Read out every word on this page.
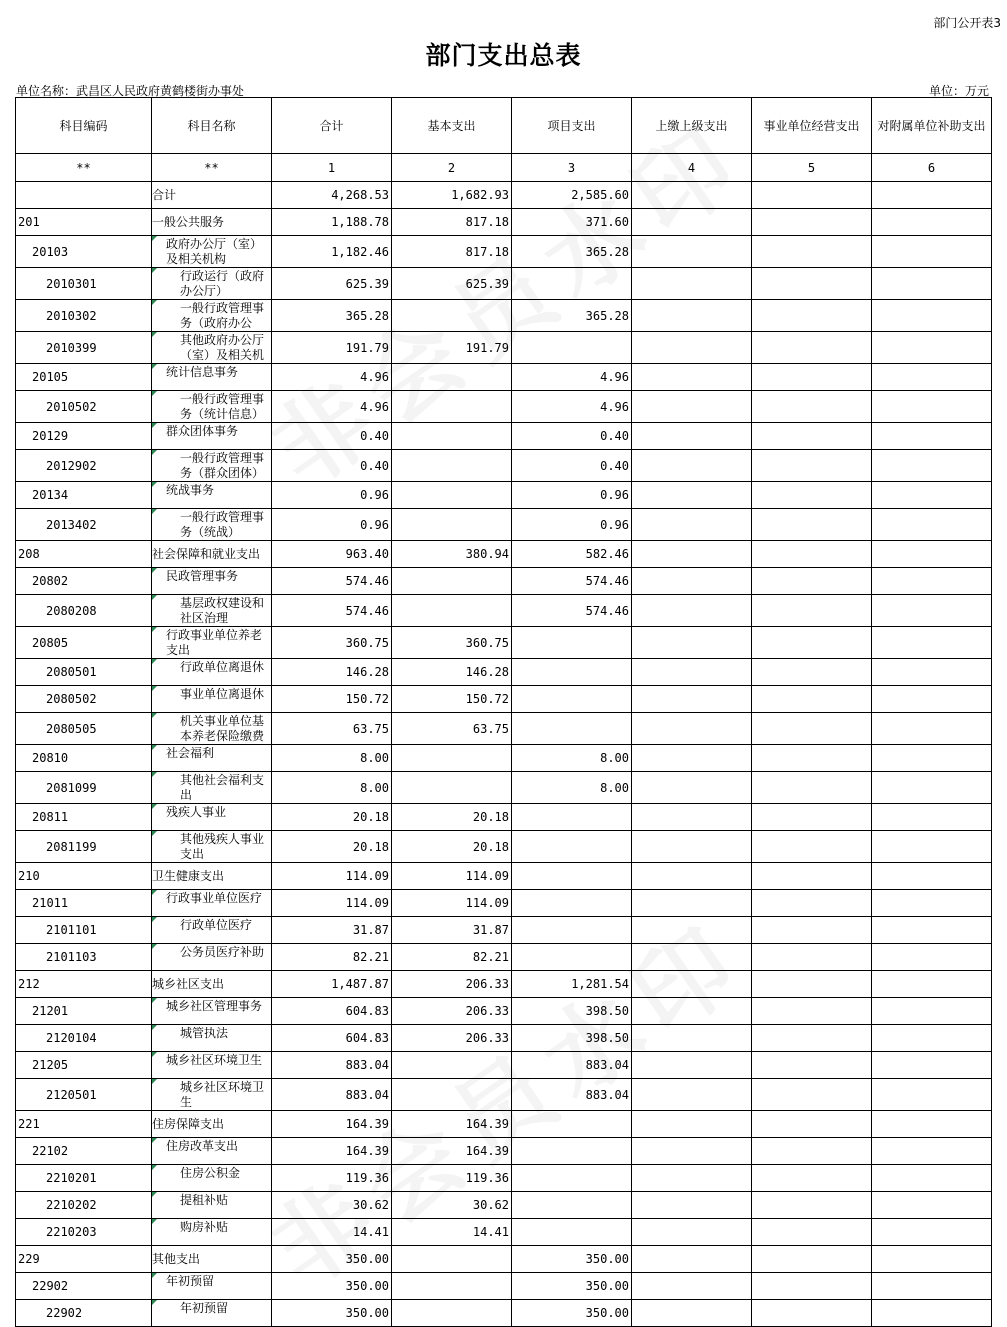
部门公开表3
部门支出总表
单位名称：武昌区人民政府黄鹤楼街办事处	单位：万元
科目编码	科目名称	合计	基本支出	项目支出	上缴上级支出	事业单位经营支出	对附属单位补助支出
**	**	1	2	3	4	5	6
	合计	4,268.53	1,682.93	2,585.60			
201	一般公共服务	1,188.78	817.18	371.60			
20103	政府办公厅（室）及相关机构	1,182.46	817.18	365.28			
2010301	行政运行（政府办公厅）	625.39	625.39				
2010302	一般行政管理事务（政府办公	365.28		365.28			
2010399	其他政府办公厅（室）及相关机	191.79	191.79				
20105	统计信息事务	4.96		4.96			
2010502	一般行政管理事务（统计信息）	4.96		4.96			
20129	群众团体事务	0.40		0.40			
2012902	一般行政管理事务（群众团体）	0.40		0.40			
20134	统战事务	0.96		0.96			
2013402	一般行政管理事务（统战）	0.96		0.96			
208	社会保障和就业支出	963.40	380.94	582.46			
20802	民政管理事务	574.46		574.46			
2080208	基层政权建设和社区治理	574.46		574.46			
20805	行政事业单位养老支出	360.75	360.75				
2080501	行政单位离退休	146.28	146.28				
2080502	事业单位离退休	150.72	150.72				
2080505	机关事业单位基本养老保险缴费	63.75	63.75				
20810	社会福利	8.00		8.00			
2081099	其他社会福利支出	8.00		8.00			
20811	残疾人事业	20.18	20.18				
2081199	其他残疾人事业支出	20.18	20.18				
210	卫生健康支出	114.09	114.09				
21011	行政事业单位医疗	114.09	114.09				
2101101	行政单位医疗	31.87	31.87				
2101103	公务员医疗补助	82.21	82.21				
212	城乡社区支出	1,487.87	206.33	1,281.54			
21201	城乡社区管理事务	604.83	206.33	398.50			
2120104	城管执法	604.83	206.33	398.50			
21205	城乡社区环境卫生	883.04		883.04			
2120501	城乡社区环境卫生	883.04		883.04			
221	住房保障支出	164.39	164.39				
22102	住房改革支出	164.39	164.39				
2210201	住房公积金	119.36	119.36				
2210202	提租补贴	30.62	30.62				
2210203	购房补贴	14.41	14.41				
229	其他支出	350.00		350.00			
22902	年初预留	350.00		350.00			
22902	年初预留	350.00		350.00			
